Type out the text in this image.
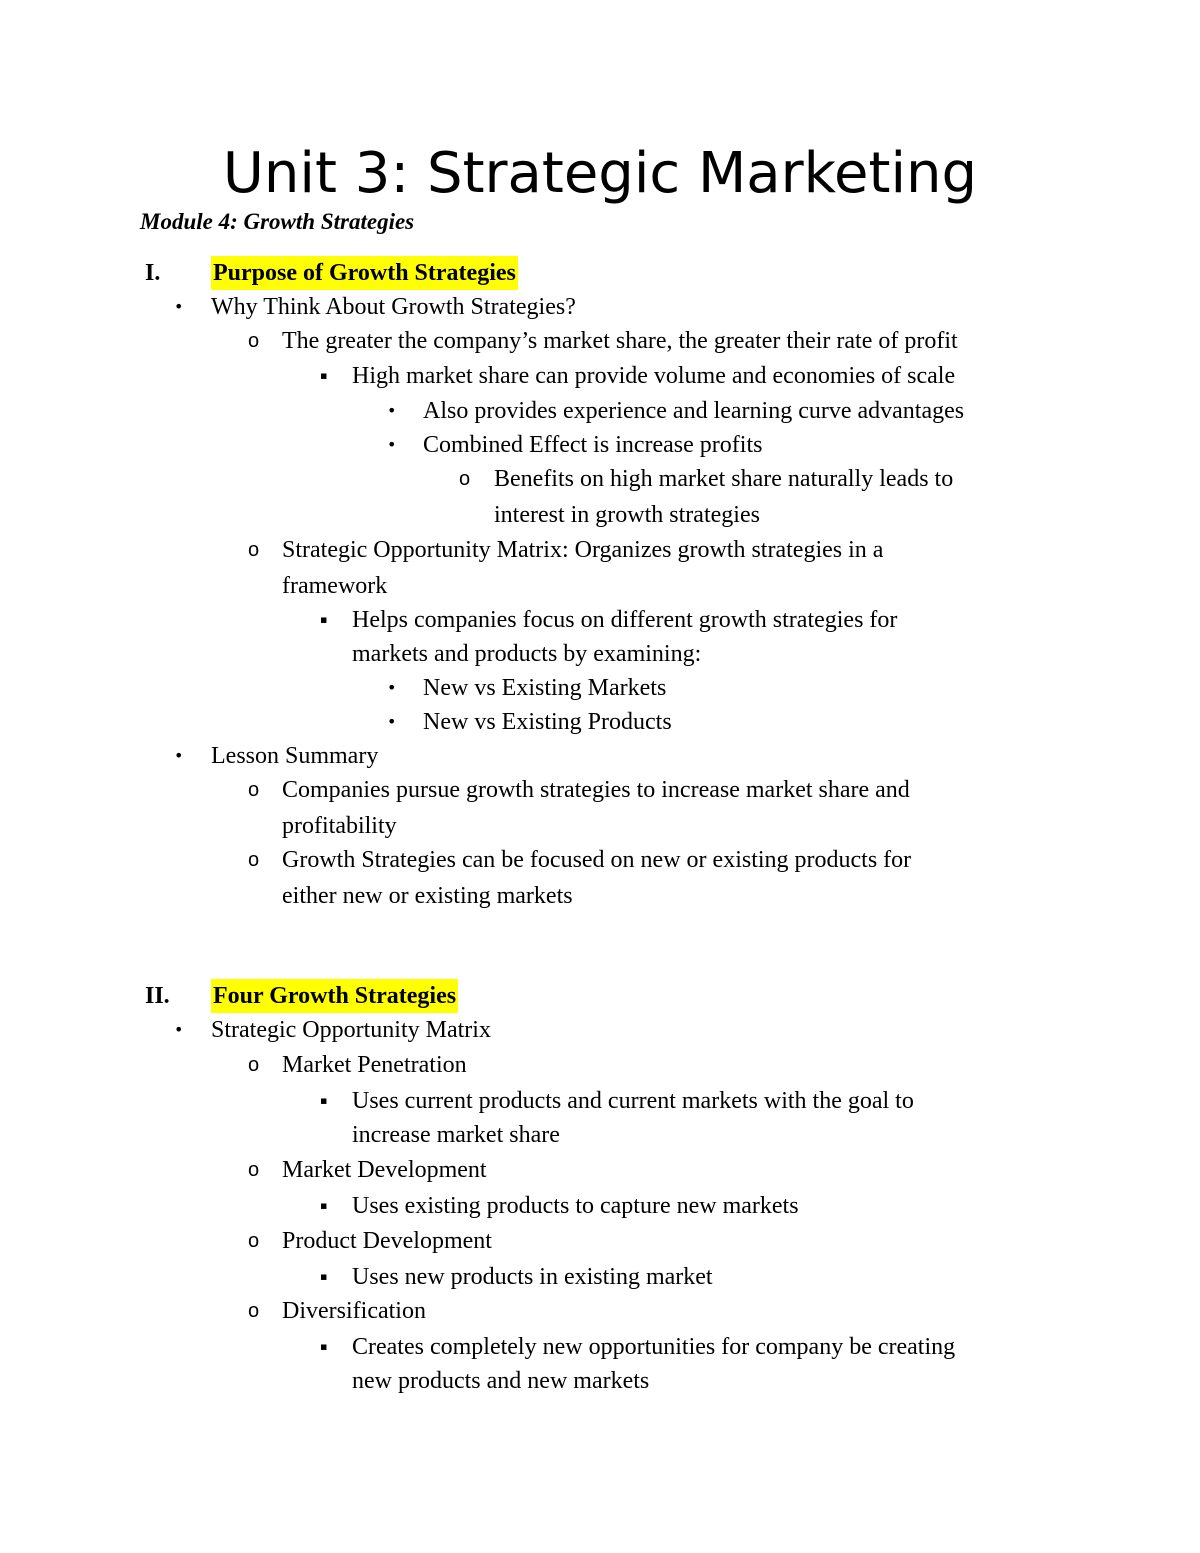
Unit 3: Strategic Marketing
Module 4: Growth Strategies
I. Purpose of Growth Strategies
• Why Think About Growth Strategies?
o The greater the company’s market share, the greater their rate of profit
▪ High market share can provide volume and economies of scale
• Also provides experience and learning curve advantages
• Combined Effect is increase profits
o Benefits on high market share naturally leads to
interest in growth strategies
o Strategic Opportunity Matrix: Organizes growth strategies in a
framework
▪ Helps companies focus on different growth strategies for
markets and products by examining:
• New vs Existing Markets
• New vs Existing Products
• Lesson Summary
o Companies pursue growth strategies to increase market share and
profitability
o Growth Strategies can be focused on new or existing products for
either new or existing markets
II. Four Growth Strategies
• Strategic Opportunity Matrix
o Market Penetration
▪ Uses current products and current markets with the goal to
increase market share
o Market Development
▪ Uses existing products to capture new markets
o Product Development
▪ Uses new products in existing market
o Diversification
▪ Creates completely new opportunities for company be creating
new products and new markets
